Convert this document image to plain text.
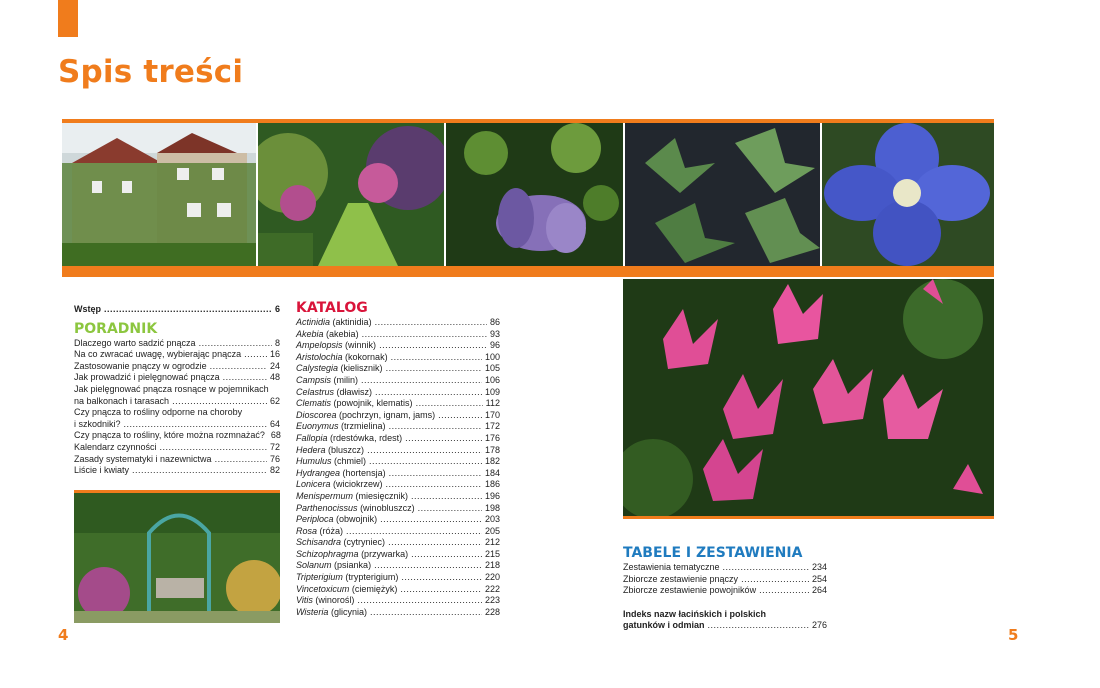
Spis treści
Wstęp .....	6
PORADNIK
Dlaczego warto sadzić pnącza .....	8
Na co zwracać uwagę, wybierając pnącza .....	16
Zastosowanie pnączy w ogrodzie .....	24
Jak prowadzić i pielęgnować pnącza .....	48
Jak pielęgnować pnącza rosnące w pojemnikach
na balkonach i tarasach .....	62
Czy pnącza to rośliny odporne na choroby
i szkodniki? .....	64
Czy pnącza to rośliny, które można rozmnażać? 68
Kalendarz czynności .....	72
Zasady systematyki i nazewnictwa .....	76
Liście i kwiaty .....	82
KATALOG
Actinidia (aktinidia) .....	86
Akebia (akebia) .....	93
Ampelopsis (winnik) .....	96
Aristolochia (kokornak) .....	100
Calystegia (kielisznik) .....	105
Campsis (milin) .....	106
Celastrus (dławisz) .....	109
Clematis (powojnik, klematis) .....	112
Dioscorea (pochrzyn, ignam, jams) .....	170
Euonymus (trzmielina) .....	172
Fallopia (rdestówka, rdest) .....	176
Hedera (bluszcz) .....	178
Humulus (chmiel) .....	182
Hydrangea (hortensja) .....	184
Lonicera (wiciokrzew) .....	186
Menispermum (miesięcznik) .....	196
Parthenocissus (winobluszcz) .....	198
Periploca (obwojnik) .....	203
Rosa (róża) .....	205
Schisandra (cytryniec) .....	212
Schizophragma (przywarka) .....	215
Solanum (psianka) .....	218
Tripterigium (trypterigium) .....	220
Vincetoxicum (ciemiężyk) .....	222
Vitis (winorośl) .....	223
Wisteria (glicynia) .....	228
TABELE I ZESTAWIENIA
Zestawienia tematyczne .....	234
Zbiorcze zestawienie pnączy .....	254
Zbiorcze zestawienie powojników .....	264
Indeks nazw łacińskich i polskich
gatunków i odmian .....	276
4	5
